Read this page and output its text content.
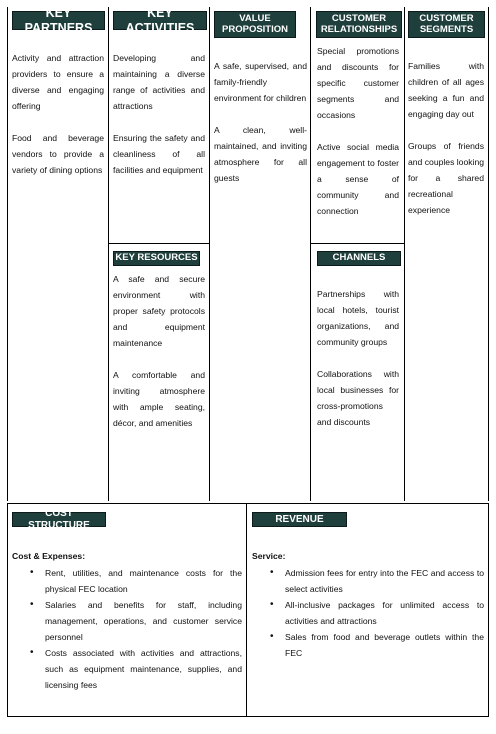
KEY PARTNERS

Activity and attraction providers to ensure a diverse and engaging offering

Food and beverage vendors to provide a variety of dining options

KEY ACTIVITIES

Developing and maintaining a diverse range of activities and attractions

Ensuring the safety and cleanliness of all facilities and equipment

VALUE PROPOSITION

A safe, supervised, and family-friendly environment for children

A clean, well-maintained, and inviting atmosphere for all guests

CUSTOMER RELATIONSHIPS

Special promotions and discounts for specific customer segments and occasions

Active social media engagement to foster a sense of community and connection

CUSTOMER SEGMENTS

Families with children of all ages seeking a fun and engaging day out

Groups of friends and couples looking for a shared recreational experience

KEY RESOURCES

A safe and secure environment with proper safety protocols and equipment maintenance

A comfortable and inviting atmosphere with ample seating, décor, and amenities

CHANNELS

Partnerships with local hotels, tourist organizations, and community groups

Collaborations with local businesses for cross-promotions and discounts

COST STRUCTURE
Cost & Expenses:
• Rent, utilities, and maintenance costs for the physical FEC location
• Salaries and benefits for staff, including management, operations, and customer service personnel
• Costs associated with activities and attractions, such as equipment maintenance, supplies, and licensing fees
REVENUE
Service:
• Admission fees for entry into the FEC and access to select activities
• All-inclusive packages for unlimited access to activities and attractions
• Sales from food and beverage outlets within the FEC
